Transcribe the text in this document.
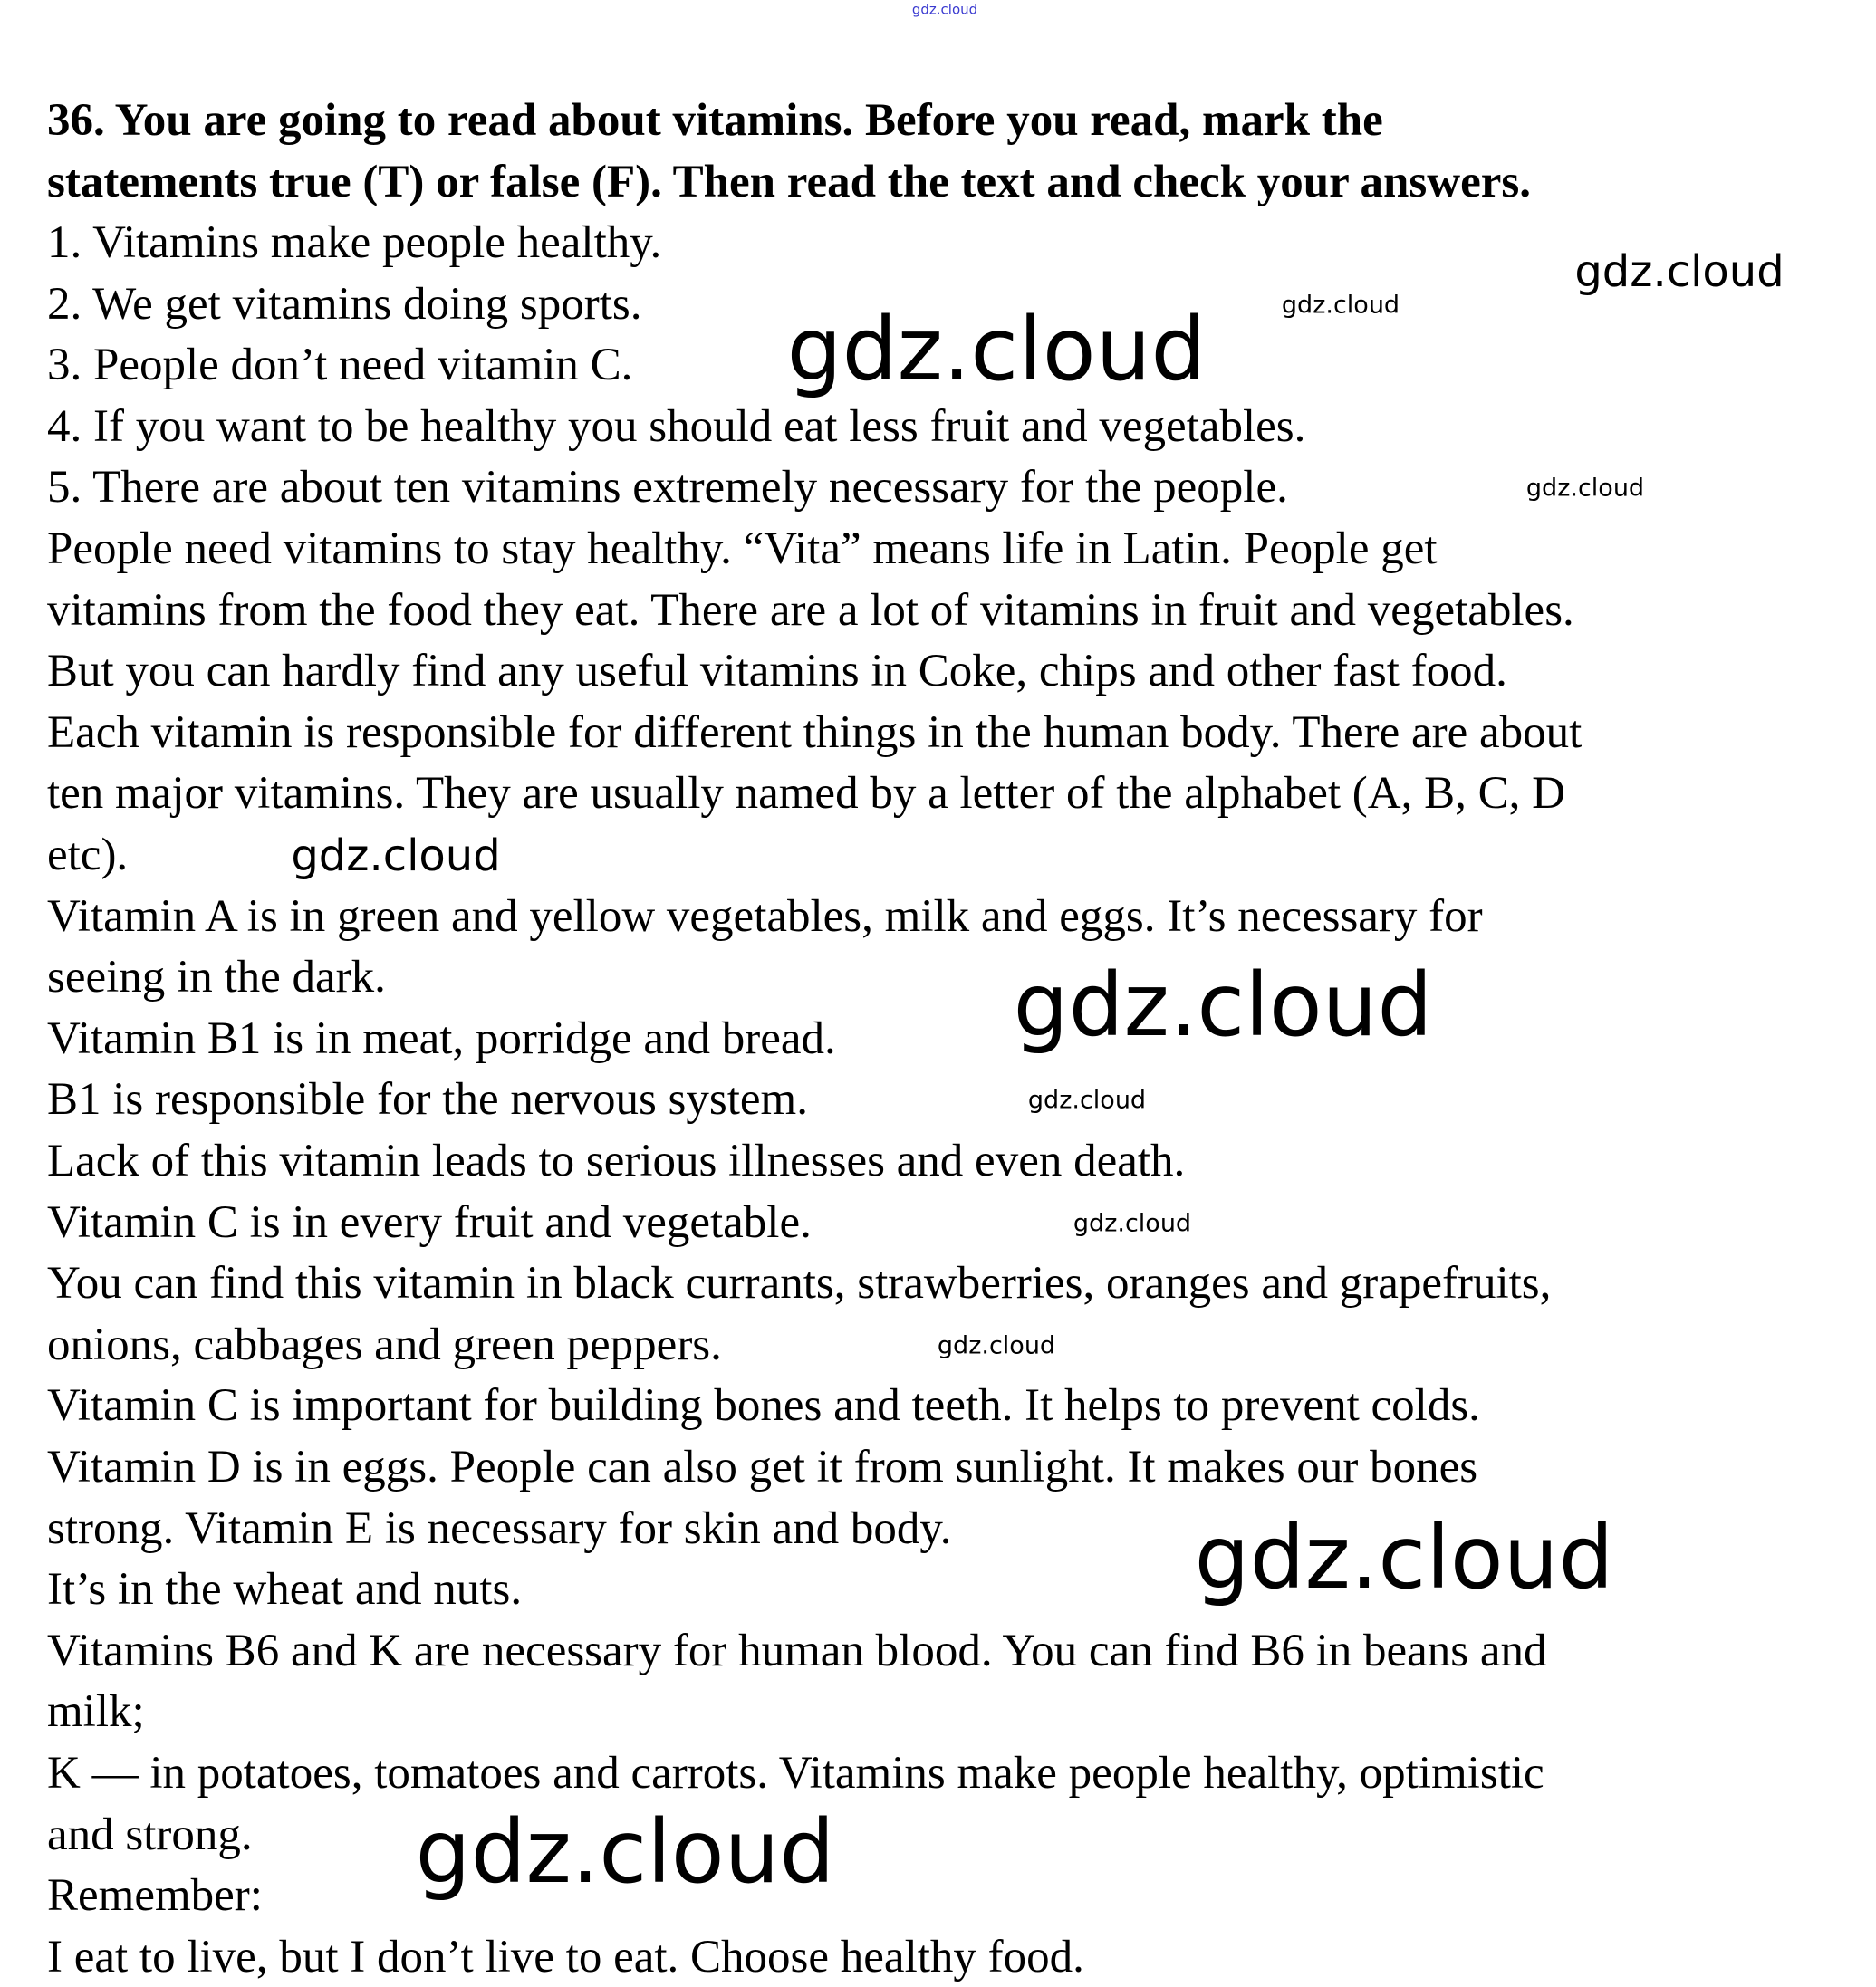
gdz.cloud
36. You are going to read about vitamins. Before you read, mark the
statements true (T) or false (F). Then read the text and check your answers.
1. Vitamins make people healthy.
2. We get vitamins doing sports.
3. People don’t need vitamin C.
4. If you want to be healthy you should eat less fruit and vegetables.
5. There are about ten vitamins extremely necessary for the people.
People need vitamins to stay healthy. “Vita” means life in Latin. People get
vitamins from the food they eat. There are a lot of vitamins in fruit and vegetables.
But you can hardly find any useful vitamins in Coke, chips and other fast food.
Each vitamin is responsible for different things in the human body. There are about
ten major vitamins. They are usually named by a letter of the alphabet (A, B, C, D
etc).
Vitamin A is in green and yellow vegetables, milk and eggs. It’s necessary for
seeing in the dark.
Vitamin B1 is in meat, porridge and bread.
B1 is responsible for the nervous system.
Lack of this vitamin leads to serious illnesses and even death.
Vitamin C is in every fruit and vegetable.
You can find this vitamin in black currants, strawberries, oranges and grapefruits,
onions, cabbages and green peppers.
Vitamin C is important for building bones and teeth. It helps to prevent colds.
Vitamin D is in eggs. People can also get it from sunlight. It makes our bones
strong. Vitamin E is necessary for skin and body.
It’s in the wheat and nuts.
Vitamins B6 and K are necessary for human blood. You can find B6 in beans and
milk;
K — in potatoes, tomatoes and carrots. Vitamins make people healthy, optimistic
and strong.
Remember:
I eat to live, but I don’t live to eat. Choose healthy food.
gdz.cloud
gdz.cloud
gdz.cloud
gdz.cloud
gdz.cloud
gdz.cloud
gdz.cloud
gdz.cloud
gdz.cloud
gdz.cloud
gdz.cloud
